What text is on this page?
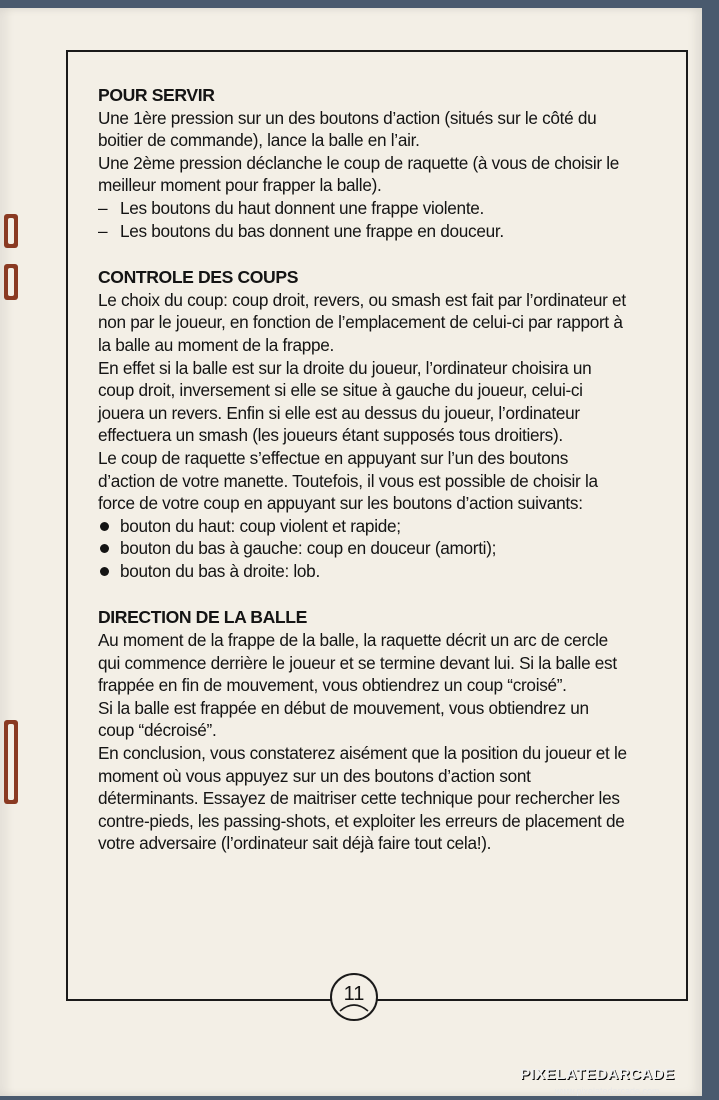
POUR SERVIR

Une 1ère pression sur un des boutons d’action (situés sur le côté du boitier de commande), lance la balle en l’air.

Une 2ème pression déclanche le coup de raquette (à vous de choisir le meilleur moment pour frapper la balle).

– Les boutons du haut donnent une frappe violente.
– Les boutons du bas donnent une frappe en douceur.
CONTROLE DES COUPS

Le choix du coup: coup droit, revers, ou smash est fait par l’ordinateur et non par le joueur, en fonction de l’emplacement de celui-ci par rapport à la balle au moment de la frappe.

En effet si la balle est sur la droite du joueur, l’ordinateur choisira un coup droit, inversement si elle se situe à gauche du joueur, celui-ci jouera un revers. Enfin si elle est au dessus du joueur, l’ordinateur effectuera un smash (les joueurs étant supposés tous droitiers).

Le coup de raquette s’effectue en appuyant sur l’un des boutons d’action de votre manette. Toutefois, il vous est possible de choisir la force de votre coup en appuyant sur les boutons d’action suivants:

bouton du haut: coup violent et rapide;
bouton du bas à gauche: coup en douceur (amorti);
bouton du bas à droite: lob.
DIRECTION DE LA BALLE

Au moment de la frappe de la balle, la raquette décrit un arc de cercle qui commence derrière le joueur et se termine devant lui. Si la balle est frappée en fin de mouvement, vous obtiendrez un coup “croisé”.

Si la balle est frappée en début de mouvement, vous obtiendrez un coup “décroisé”.

En conclusion, vous constaterez aisément que la position du joueur et le moment où vous appuyez sur un des boutons d’action sont déterminants. Essayez de maitriser cette technique pour rechercher les contre-pieds, les passing-shots, et exploiter les erreurs de placement de votre adversaire (l’ordinateur sait déjà faire tout cela!).

11
PIXELATEDARCADE
www.pixelatedarcade.com
